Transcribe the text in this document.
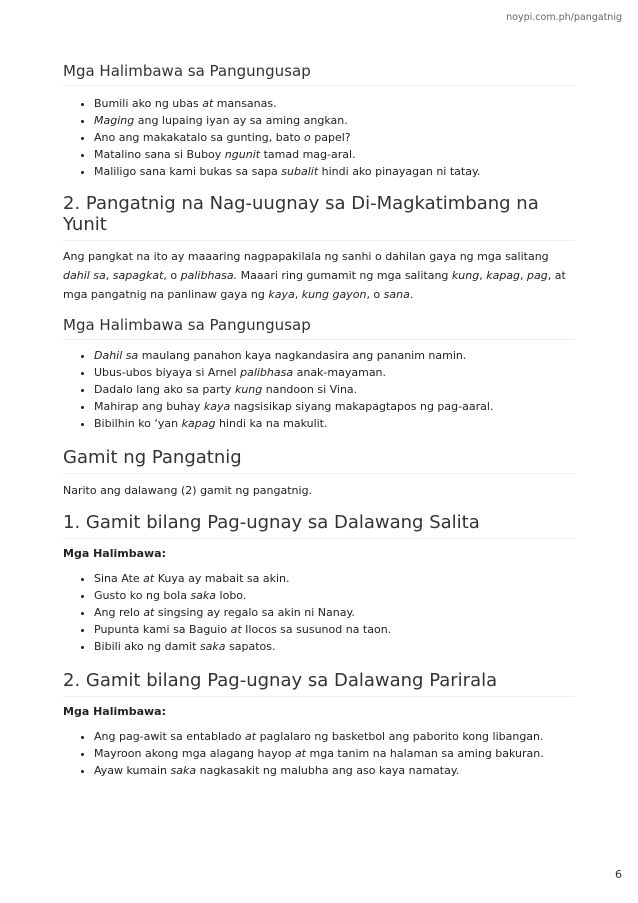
noypi.com.ph/pangatnig
Mga Halimbawa sa Pangungusap
• Bumili ako ng ubas at mansanas.
• Maging ang lupaing iyan ay sa aming angkan.
• Ano ang makakatalo sa gunting, bato o papel?
• Matalino sana si Buboy ngunit tamad mag-aral.
• Maliligo sana kami bukas sa sapa subalit hindi ako pinayagan ni tatay.
2. Pangatnig na Nag-uugnay sa Di-Magkatimbang na Yunit

Ang pangkat na ito ay maaaring nagpapakilala ng sanhi o dahilan gaya ng mga salitang dahil sa, sapagkat, o palibhasa. Maaari ring gumamit ng mga salitang kung, kapag, pag, at mga pangatnig na panlinaw gaya ng kaya, kung gayon, o sana.

Mga Halimbawa sa Pangungusap
• Dahil sa maulang panahon kaya nagkandasira ang pananim namin.
• Ubus-ubos biyaya si Arnel palibhasa anak-mayaman.
• Dadalo lang ako sa party kung nandoon si Vina.
• Mahirap ang buhay kaya nagsisikap siyang makapagtapos ng pag-aaral.
• Bibilhin ko ‘yan kapag hindi ka na makulit.
Gamit ng Pangatnig

Narito ang dalawang (2) gamit ng pangatnig.

1. Gamit bilang Pag-ugnay sa Dalawang Salita
Mga Halimbawa:
• Sina Ate at Kuya ay mabait sa akin.
• Gusto ko ng bola saka lobo.
• Ang relo at singsing ay regalo sa akin ni Nanay.
• Pupunta kami sa Baguio at Ilocos sa susunod na taon.
• Bibili ako ng damit saka sapatos.
2. Gamit bilang Pag-ugnay sa Dalawang Parirala
Mga Halimbawa:
• Ang pag-awit sa entablado at paglalaro ng basketbol ang paborito kong libangan.
• Mayroon akong mga alagang hayop at mga tanim na halaman sa aming bakuran.
• Ayaw kumain saka nagkasakit ng malubha ang aso kaya namatay.
6
